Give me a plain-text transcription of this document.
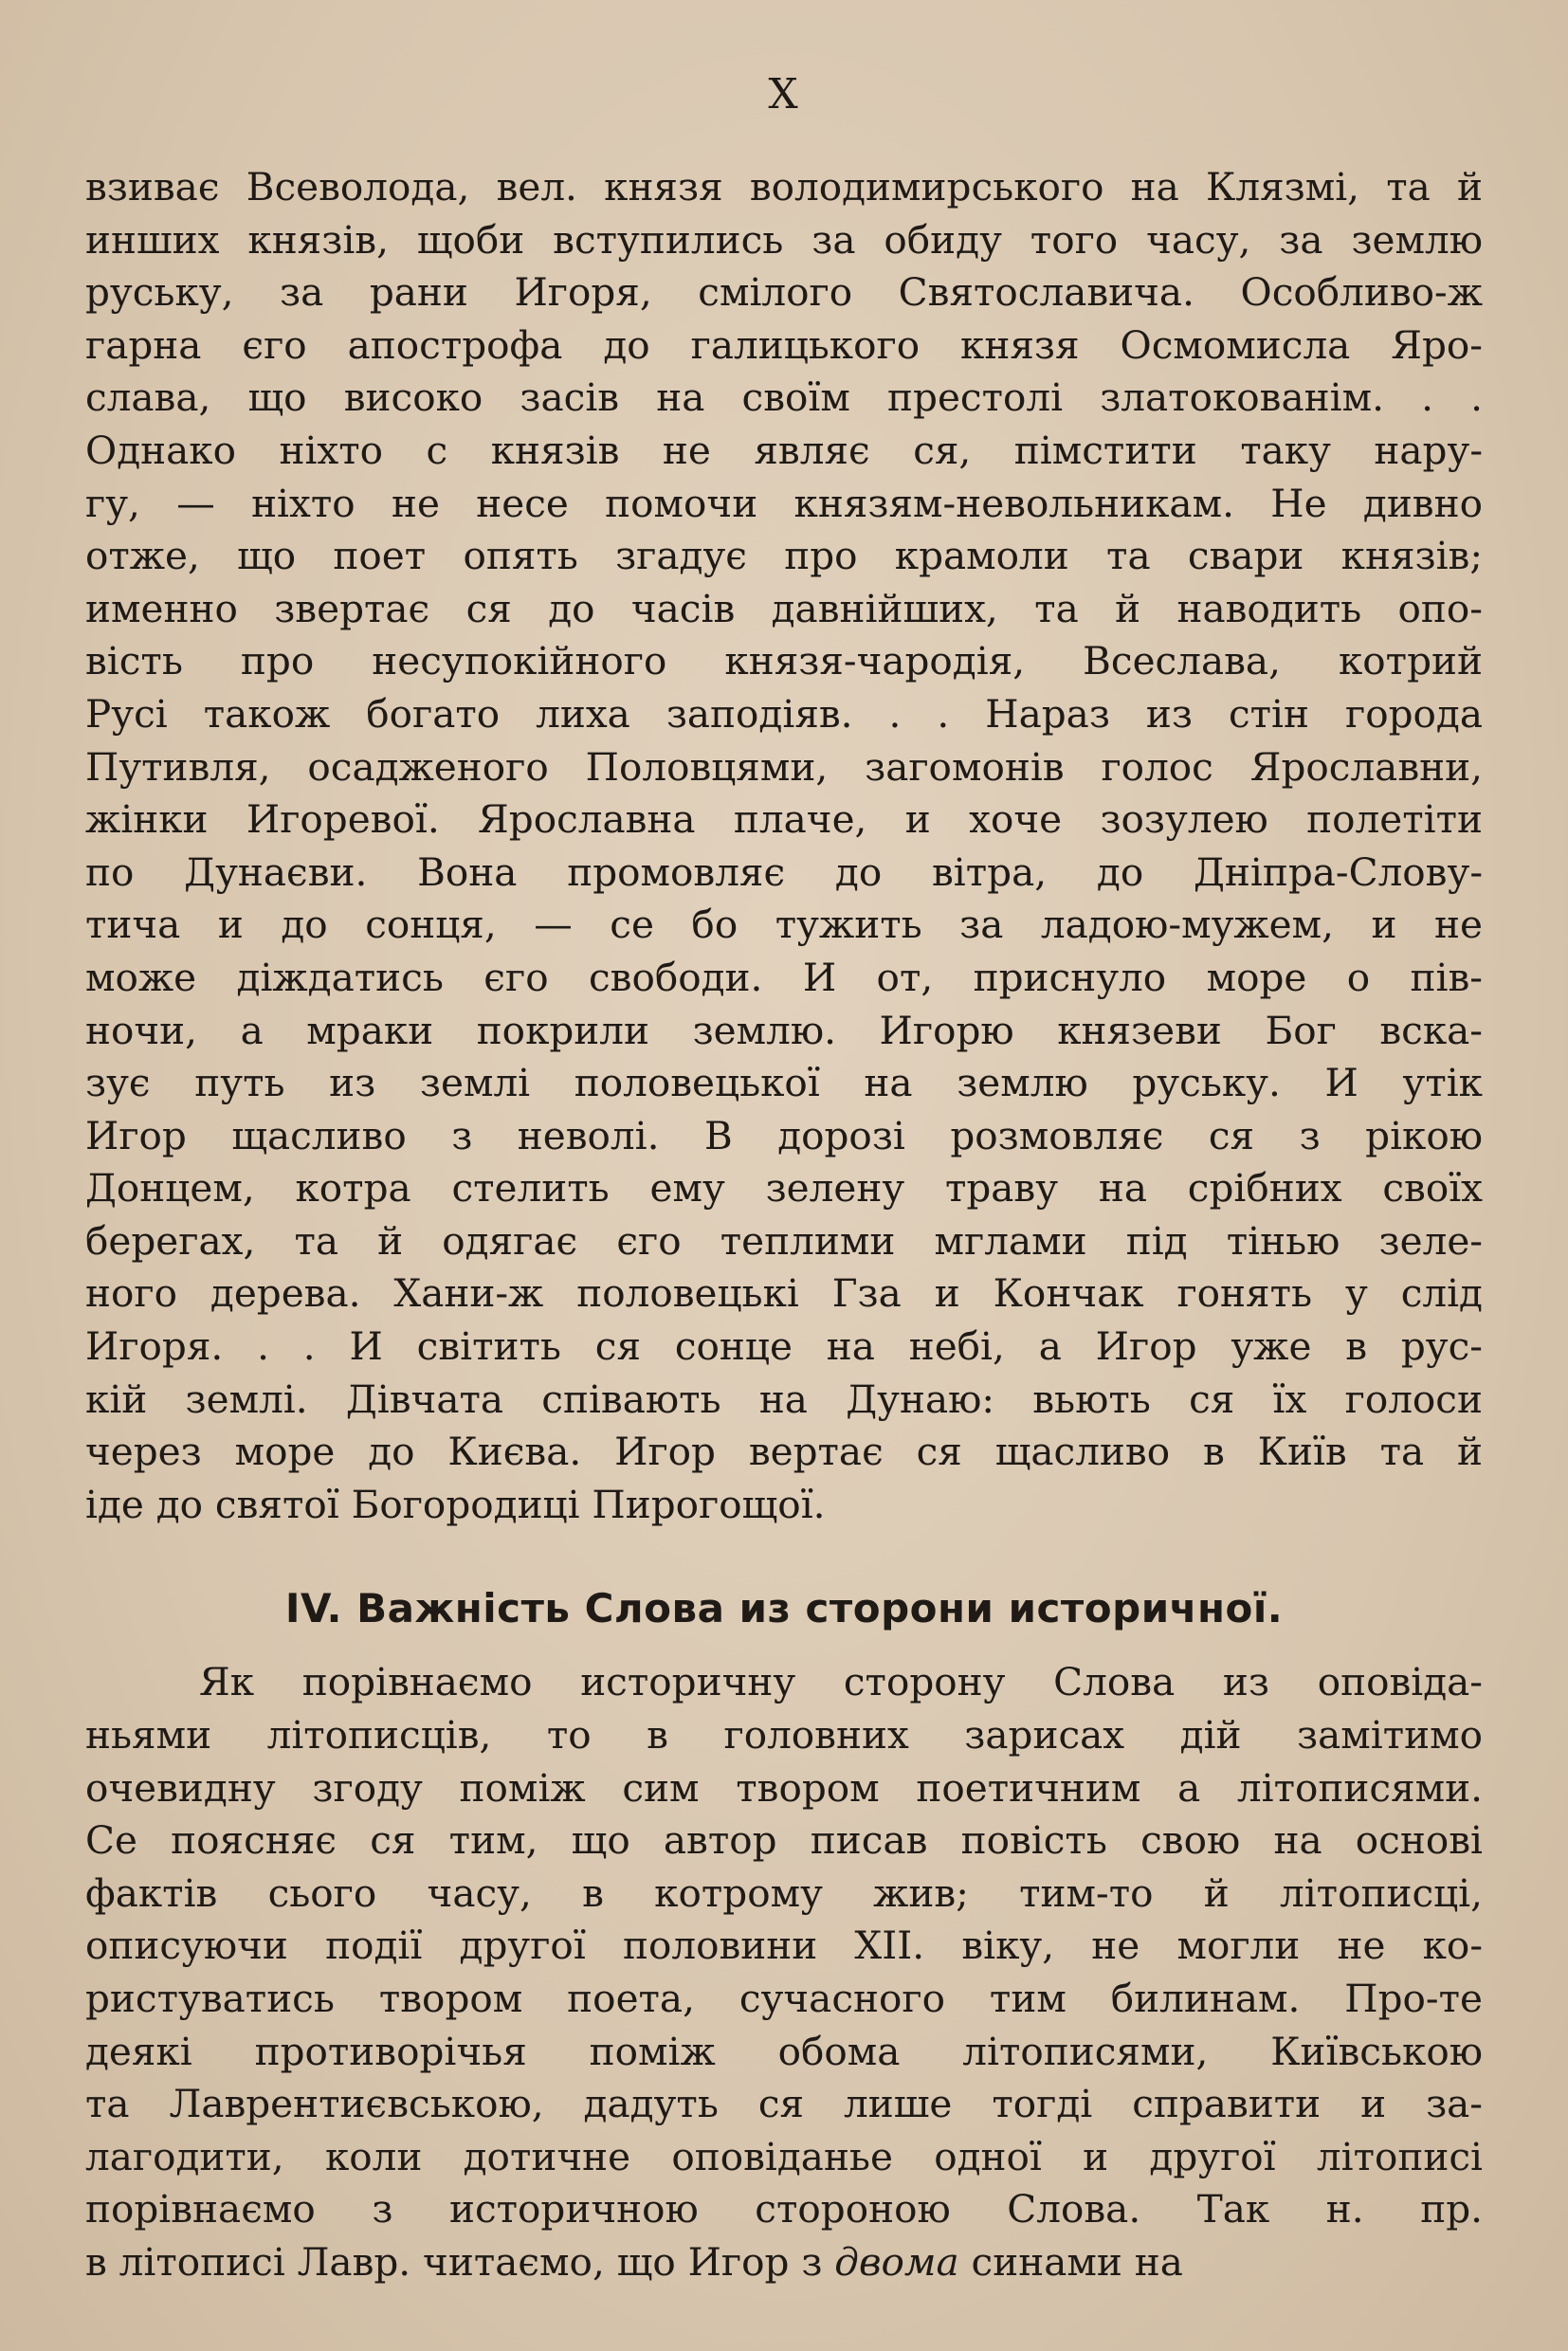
X
взиває Всеволода, вел. князя володимирського на Клязмі, та й
инших князів, щоби вступились за обиду того часу, за землю
руську, за рани Игоря, смілого Святославича. Особливо-ж
гарна єго апострофа до галицького князя Осмомисла Яро-
слава, що високо засів на своїм престолі златокованім. . .
Однако ніхто с князів не являє ся, пімстити таку нару-
гу, — ніхто не несе помочи князям-невольникам. Не дивно
отже, що поет опять згадує про крамоли та свари князів;
именно звертає ся до часів давнійших, та й наводить опо-
вість про несупокійного князя-чародія, Всеслава, котрий
Русі також богато лиха заподіяв. . . Нараз из стін города
Путивля, осадженого Половцями, загомонів голос Ярославни,
жінки Игоревої. Ярославна плаче, и хоче зозулею полетіти
по Дунаєви. Вона промовляє до вітра, до Дніпра-Слову-
тича и до сонця, — се бо тужить за ладою-мужем, и не
може діждатись єго свободи. И от, приснуло море о пів-
ночи, а мраки покрили землю. Игорю князеви Бог вска-
зує путь из землі половецької на землю руську. И утік
Игор щасливо з неволі. В дорозі розмовляє ся з рікою
Донцем, котра стелить ему зелену траву на срібних своїх
берегах, та й одягає єго теплими мглами під тінью зеле-
ного дерева. Хани-ж половецькі Гза и Кончак гонять у слід
Игоря. . . И світить ся сонце на небі, а Игор уже в рус-
кій землі. Дівчата співають на Дунаю: вьють ся їх голоси
через море до Києва. Игор вертає ся щасливо в Київ та й
іде до святої Богородиці Пирогощої.
IV. Важність Слова из сторони историчної.
Як порівнаємо историчну сторону Слова из оповіда-
ньями літописців, то в головних зарисах дій замітимо
очевидну згоду поміж сим твором поетичним а літописями.
Се поясняє ся тим, що автор писав повість свою на основі
фактів сього часу, в котрому жив; тим-то й літописці,
описуючи події другої половини XII. віку, не могли не ко-
ристуватись твором поета, сучасного тим билинам. Про-те
деякі противорічья поміж обома літописями, Київською
та Лаврентиєвською, дадуть ся лише тогді справити и за-
лагодити, коли дотичне оповіданье одної и другої літописі
порівнаємо з историчною стороною Слова. Так н. пр.
в літописі Лавр. читаємо, що Игор з двома синами на
